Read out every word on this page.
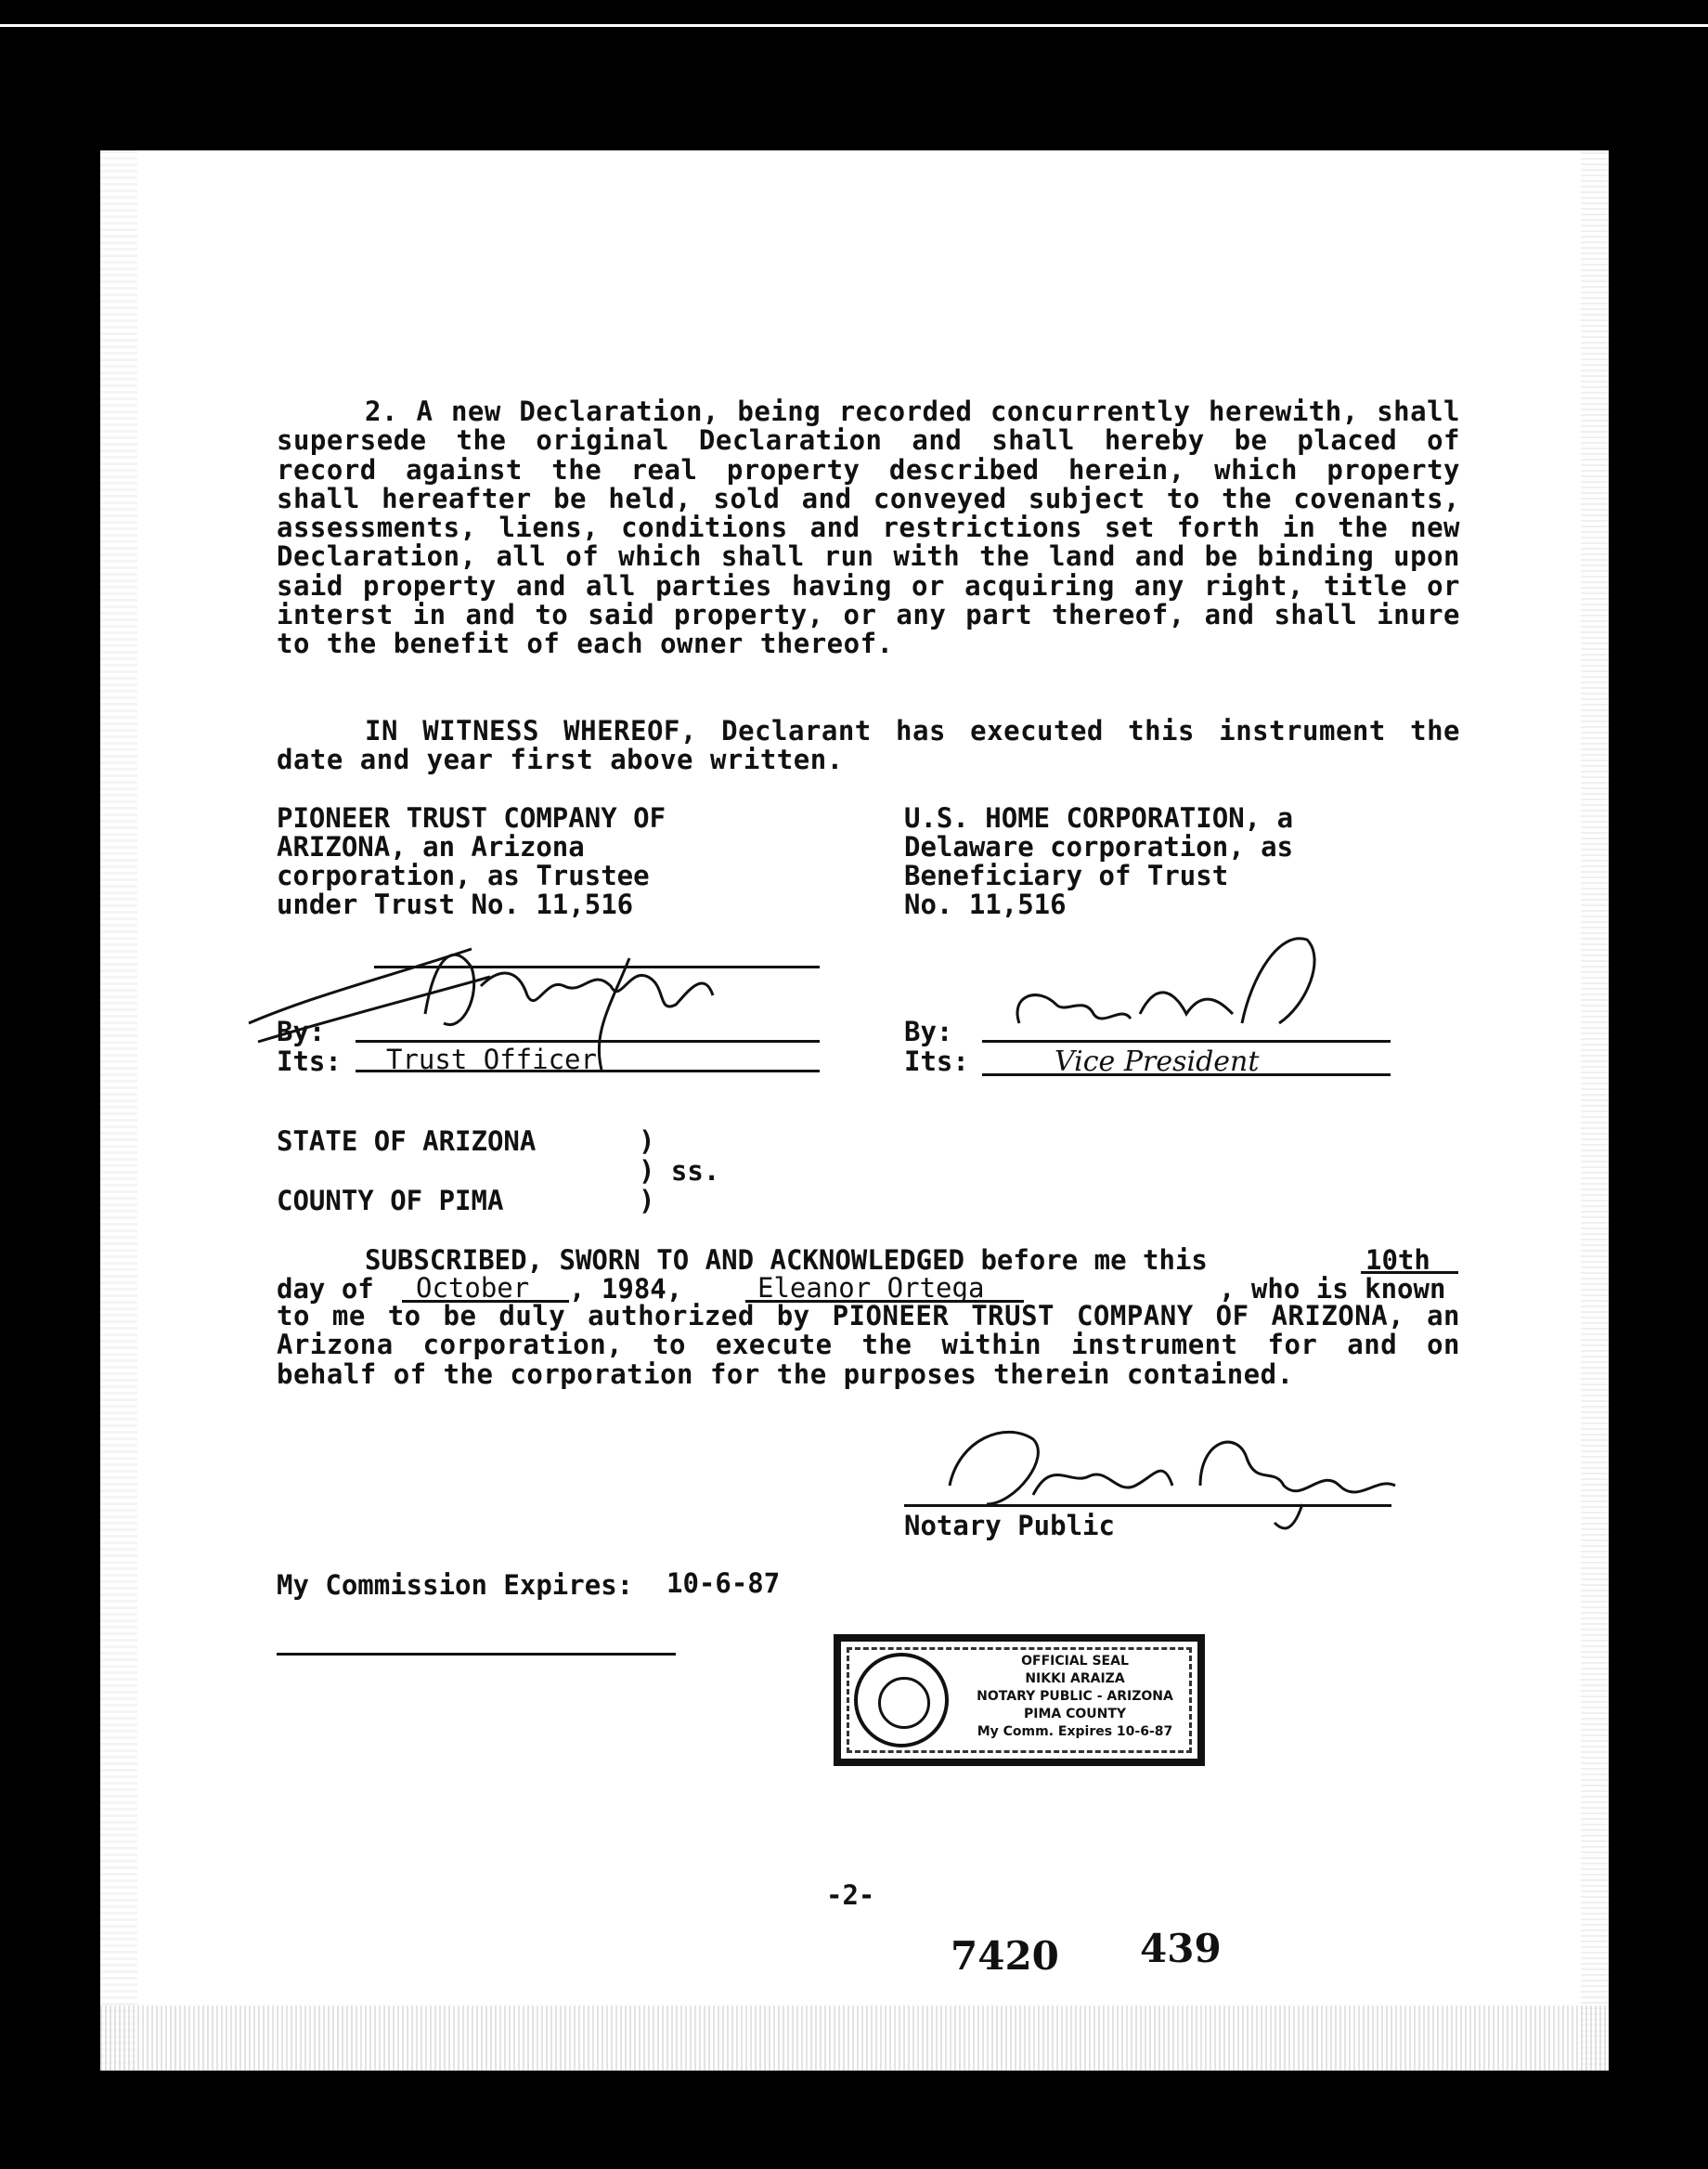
2. A new Declaration, being recorded concurrently herewith, shall supersede the original Declaration and shall hereby be placed of record against the real property described herein, which property shall hereafter be held, sold and conveyed subject to the covenants, assessments, liens, conditions and restrictions set forth in the new Declaration, all of which shall run with the land and be binding upon said property and all parties having or acquiring any right, title or interst in and to said property, or any part thereof, and shall inure to the benefit of each owner thereof.
IN WITNESS WHEREOF, Declarant has executed this instrument the date and year first above written.
PIONEER TRUST COMPANY OF
ARIZONA, an Arizona
corporation, as Trustee
under Trust No. 11,516
U.S. HOME CORPORATION, a
Delaware corporation, as
Beneficiary of Trust
No. 11,516
By:
Its: Trust Officer
By:
Its:	Vice President
STATE OF ARIZONA	)
) ss.
COUNTY OF PIMA	)
SUBSCRIBED, SWORN TO AND ACKNOWLEDGED before me this	10th
day of October , 1984,	Eleanor Ortega	, who is known
to me to be duly authorized by PIONEER TRUST COMPANY OF ARIZONA, an Arizona corporation, to execute the within instrument for and on behalf of the corporation for the purposes therein contained.
Notary Public
My Commission Expires: 10-6-87
OFFICIAL SEAL
NIKKI ARAIZA
NOTARY PUBLIC - ARIZONA
PIMA COUNTY
My Comm. Expires 10-6-87
-2-
7420 439
